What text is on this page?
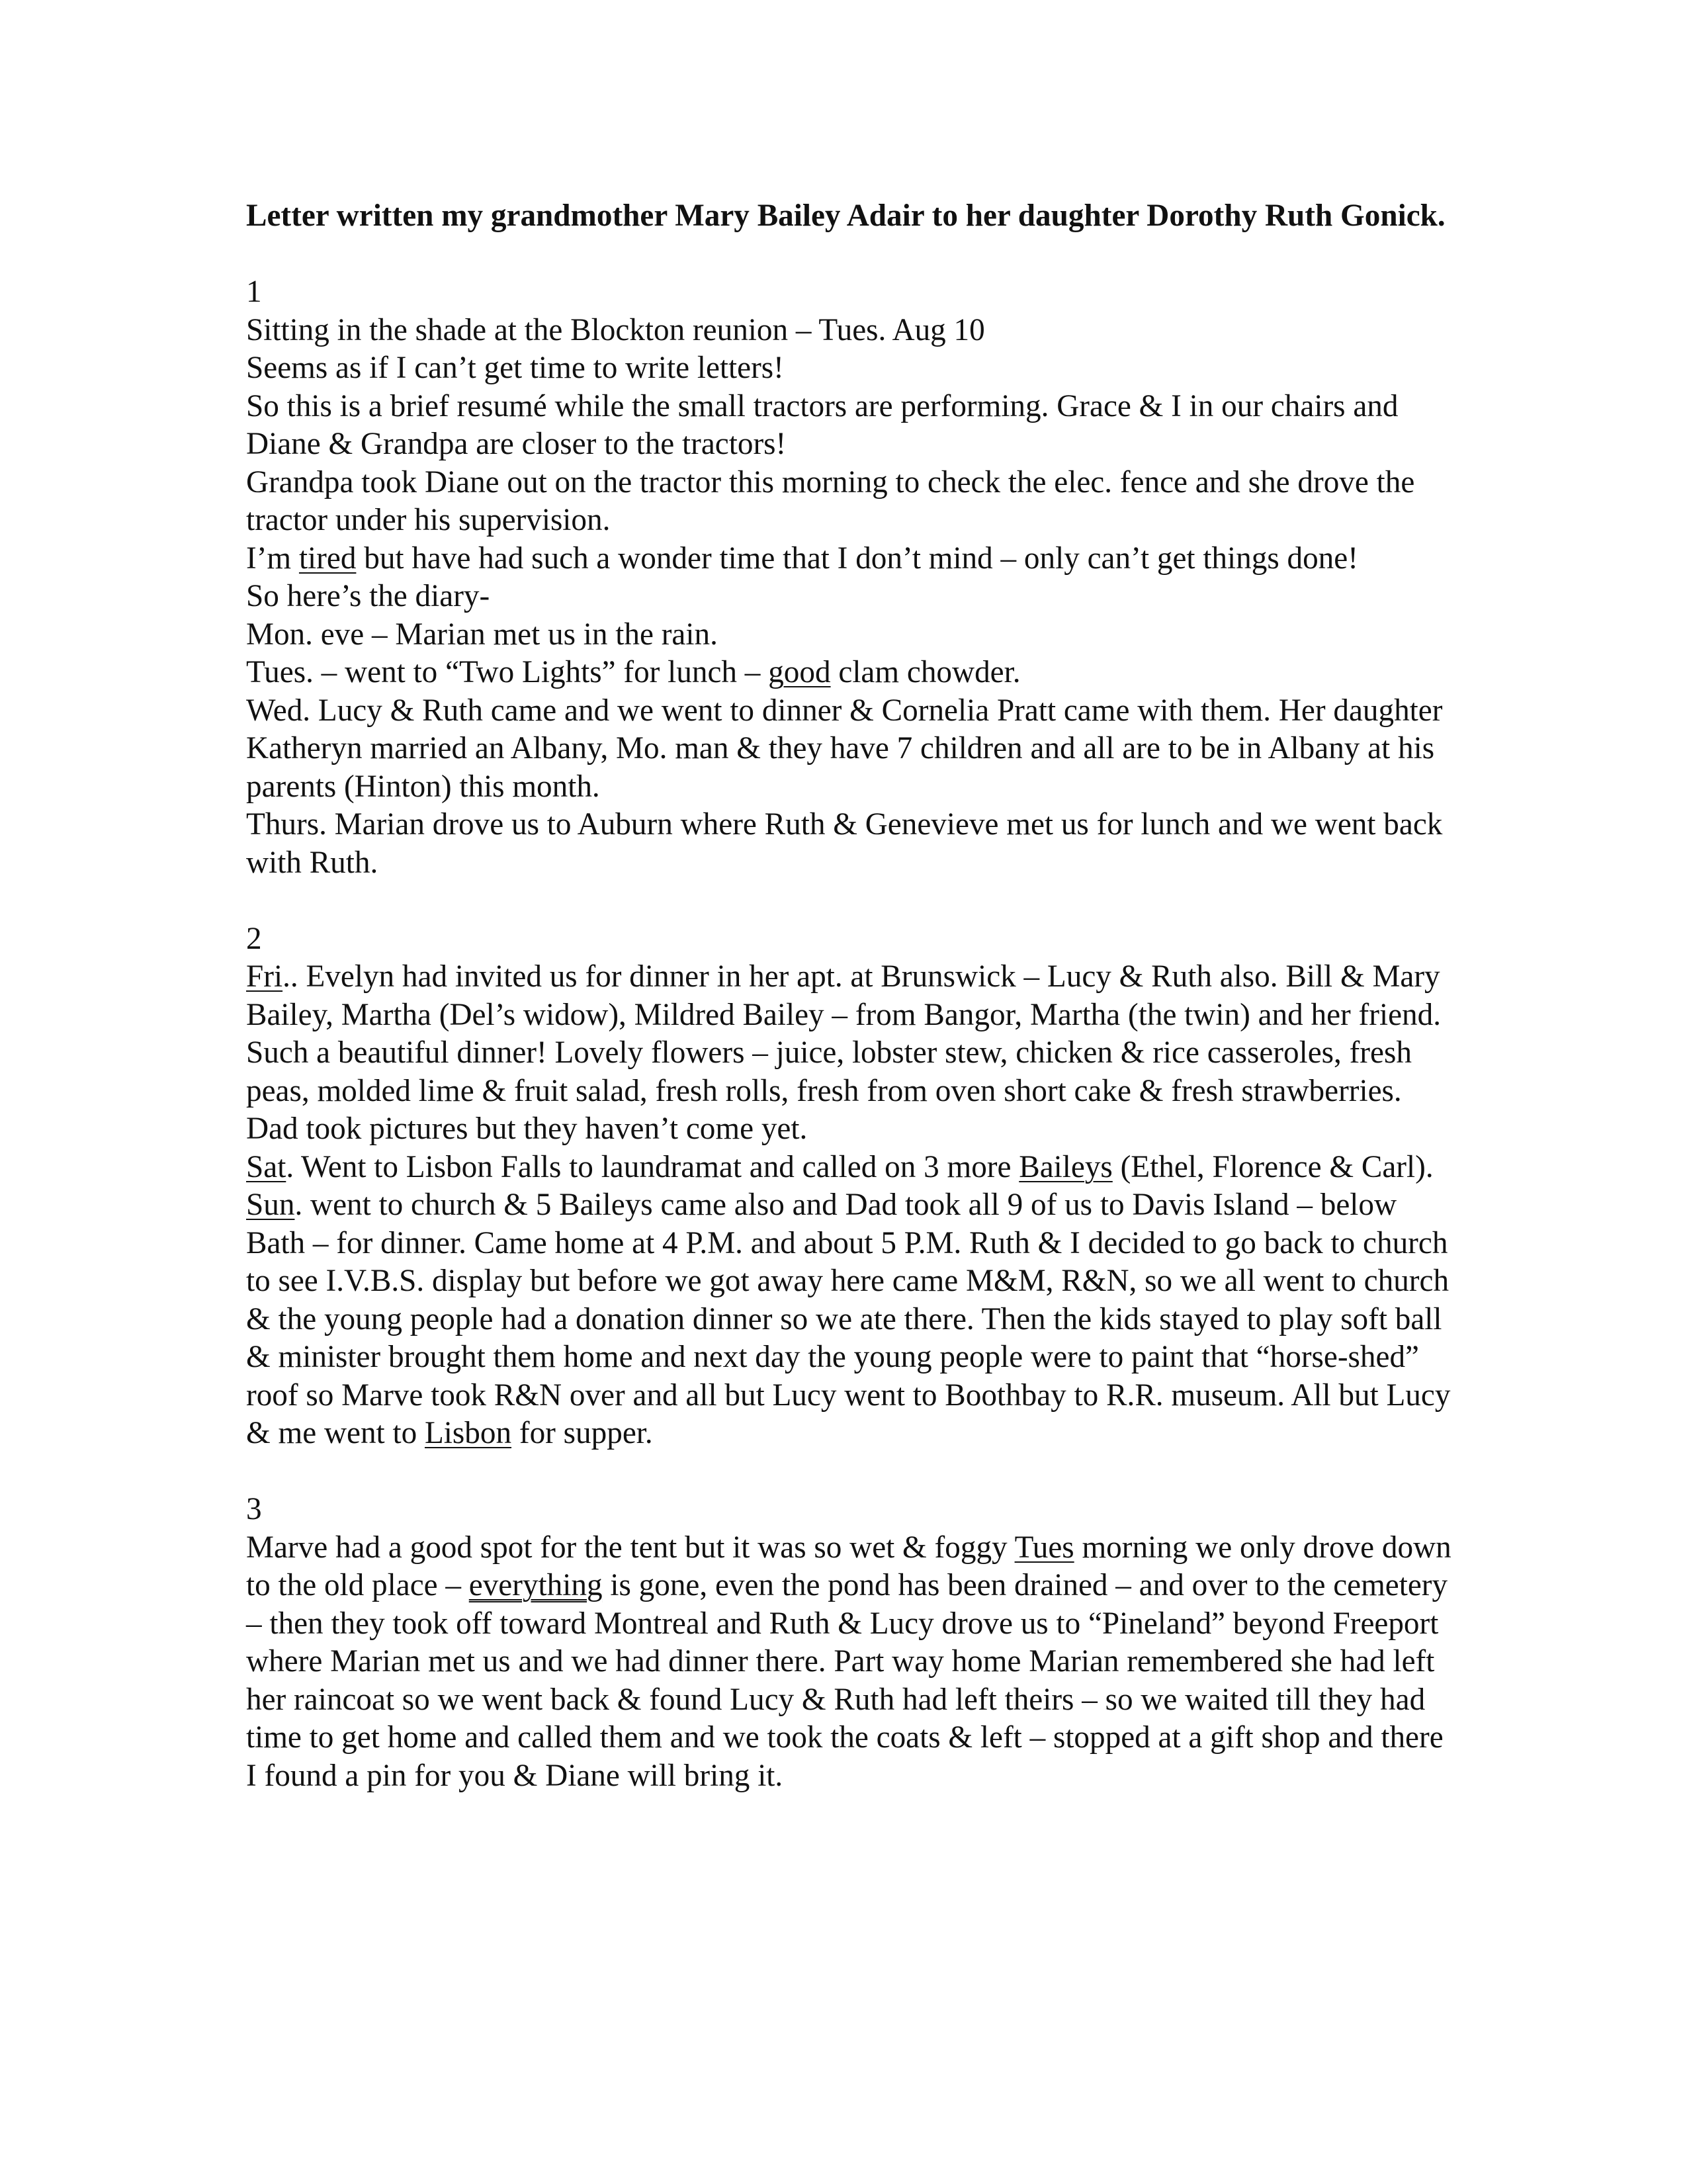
Letter written my grandmother Mary Bailey Adair to her daughter Dorothy Ruth Gonick.

1

Sitting in the shade at the Blockton reunion – Tues. Aug 10

Seems as if I can’t get time to write letters!

So this is a brief resumé while the small tractors are performing. Grace & I in our chairs and Diane & Grandpa are closer to the tractors!

Grandpa took Diane out on the tractor this morning to check the elec. fence and she drove the tractor under his supervision.

I’m tired but have had such a wonder time that I don’t mind – only can’t get things done!

So here’s the diary-

Mon. eve – Marian met us in the rain.

Tues. – went to “Two Lights” for lunch – good clam chowder.

Wed. Lucy & Ruth came and we went to dinner & Cornelia Pratt came with them. Her daughter Katheryn married an Albany, Mo. man & they have 7 children and all are to be in Albany at his parents (Hinton) this month.

Thurs. Marian drove us to Auburn where Ruth & Genevieve met us for lunch and we went back with Ruth.

2

Fri.. Evelyn had invited us for dinner in her apt. at Brunswick – Lucy & Ruth also. Bill & Mary Bailey, Martha (Del’s widow), Mildred Bailey – from Bangor, Martha (the twin) and her friend. Such a beautiful dinner! Lovely flowers – juice, lobster stew, chicken & rice casseroles, fresh peas, molded lime & fruit salad, fresh rolls, fresh from oven short cake & fresh strawberries. Dad took pictures but they haven’t come yet.

Sat. Went to Lisbon Falls to laundramat and called on 3 more Baileys (Ethel, Florence & Carl).

Sun. went to church & 5 Baileys came also and Dad took all 9 of us to Davis Island – below Bath – for dinner. Came home at 4 P.M. and about 5 P.M. Ruth & I decided to go back to church to see I.V.B.S. display but before we got away here came M&M, R&N, so we all went to church & the young people had a donation dinner so we ate there. Then the kids stayed to play soft ball & minister brought them home and next day the young people were to paint that “horse-shed” roof so Marve took R&N over and all but Lucy went to Boothbay to R.R. museum. All but Lucy & me went to Lisbon for supper.

3

Marve had a good spot for the tent but it was so wet & foggy Tues morning we only drove down to the old place – everything is gone, even the pond has been drained – and over to the cemetery – then they took off toward Montreal and Ruth & Lucy drove us to “Pineland” beyond Freeport where Marian met us and we had dinner there. Part way home Marian remembered she had left her raincoat so we went back & found Lucy & Ruth had left theirs – so we waited till they had time to get home and called them and we took the coats & left – stopped at a gift shop and there I found a pin for you & Diane will bring it.
